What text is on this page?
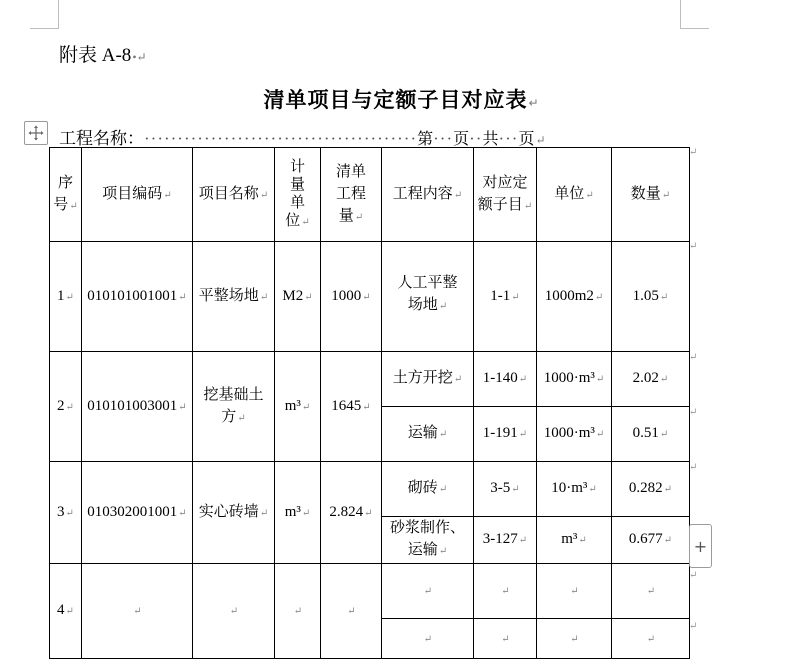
附表 A-8•↵
清单项目与定额子目对应表↵
工程名称： ········································· 第 ··· 页 ·· 共 ··· 页 ↵
序
号↵	项目编码↵	项目名称↵	计
量
单
位↵	清单
工程
量↵	工程内容↵	对应定
额子目↵	单位↵	数量↵
1↵	010101001001↵	平整场地↵	M2↵	1000↵	人工平整
场地↵	1-1↵	1000m2↵	1.05↵
2↵	010101003001↵	挖基础土
方↵	m³↵	1645↵	土方开挖↵	1-140↵	1000·m³↵	2.02↵
					运输↵	1-191↵	1000·m³↵	0.51↵
3↵	010302001001↵	实心砖墙↵	m³↵	2.824↵	砌砖↵	3-5↵	10·m³↵	0.282↵
					砂浆制作、
运输↵	3-127↵	m³↵	0.677↵
4↵	↵	↵	↵	↵	↵	↵	↵	↵
					↵	↵	↵	↵
↵
↵
↵
↵
↵
↵
↵
+
